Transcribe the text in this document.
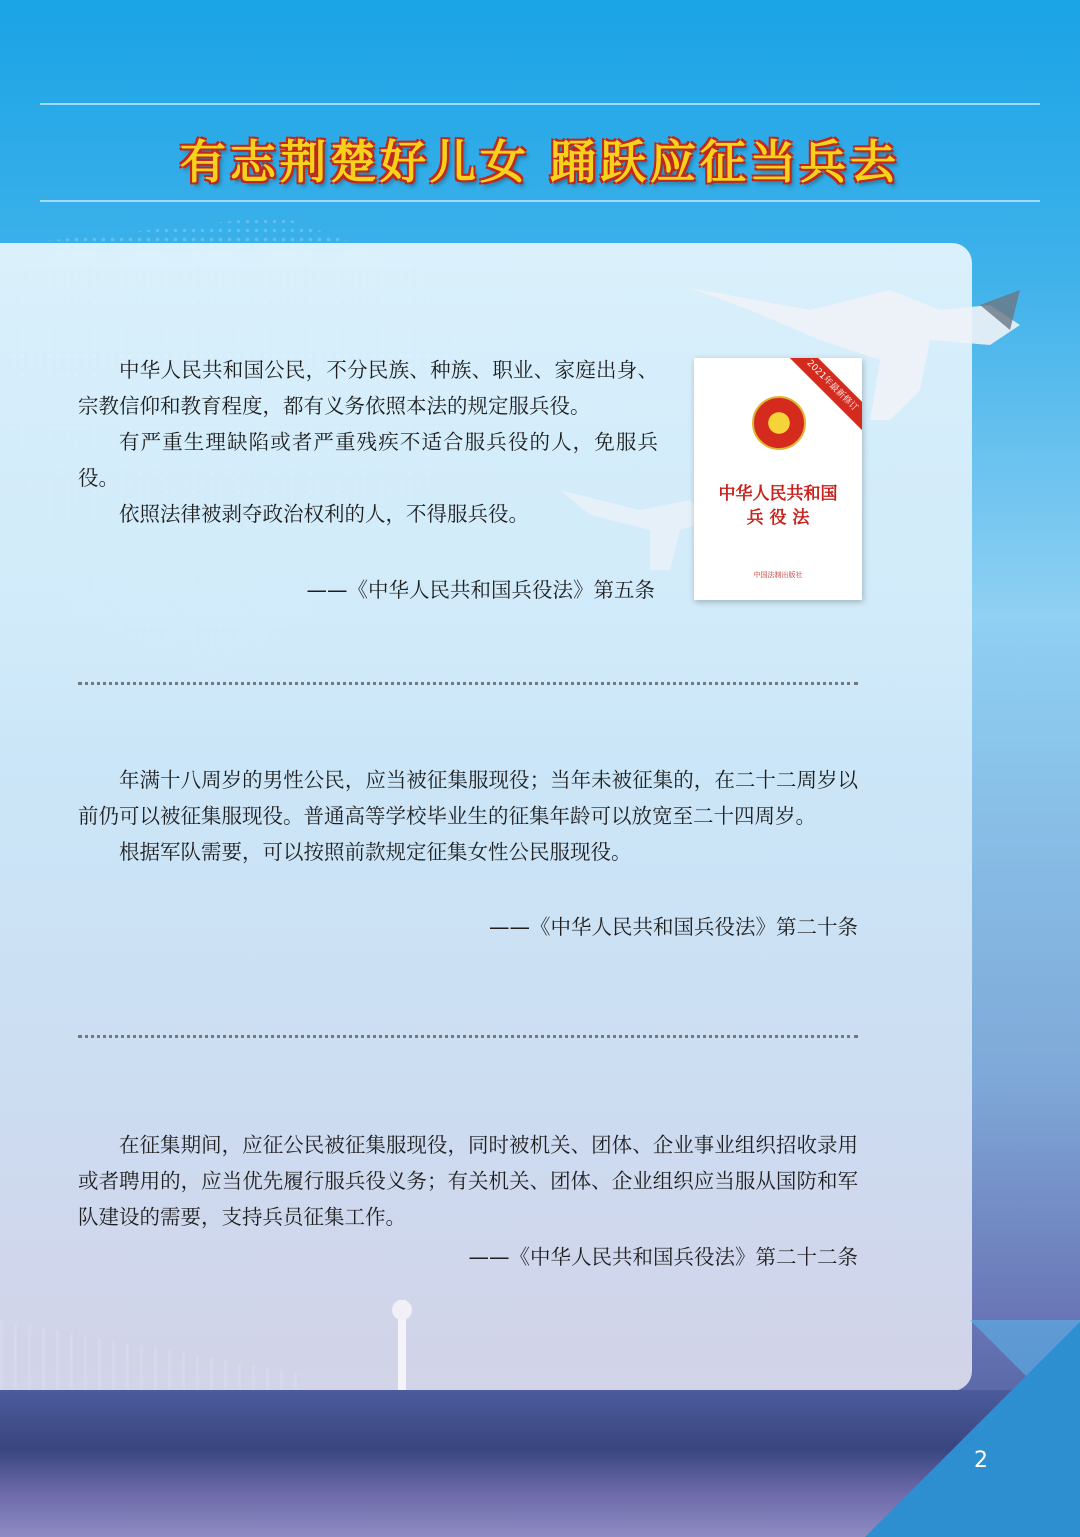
有志荆楚好儿女 踊跃应征当兵去

中华人民共和国公民，不分民族、种族、职业、家庭出身、宗教信仰和教育程度，都有义务依照本法的规定服兵役。

有严重生理缺陷或者严重残疾不适合服兵役的人，免服兵役。

依照法律被剥夺政治权利的人，不得服兵役。

——《中华人民共和国兵役法》第五条
2021年最新修订
中华人民共和国
兵 役 法
中国法制出版社

年满十八周岁的男性公民，应当被征集服现役；当年未被征集的，在二十二周岁以前仍可以被征集服现役。普通高等学校毕业生的征集年龄可以放宽至二十四周岁。

根据军队需要，可以按照前款规定征集女性公民服现役。

——《中华人民共和国兵役法》第二十条

在征集期间，应征公民被征集服现役，同时被机关、团体、企业事业组织招收录用或者聘用的，应当优先履行服兵役义务；有关机关、团体、企业组织应当服从国防和军队建设的需要，支持兵员征集工作。

——《中华人民共和国兵役法》第二十二条
2
